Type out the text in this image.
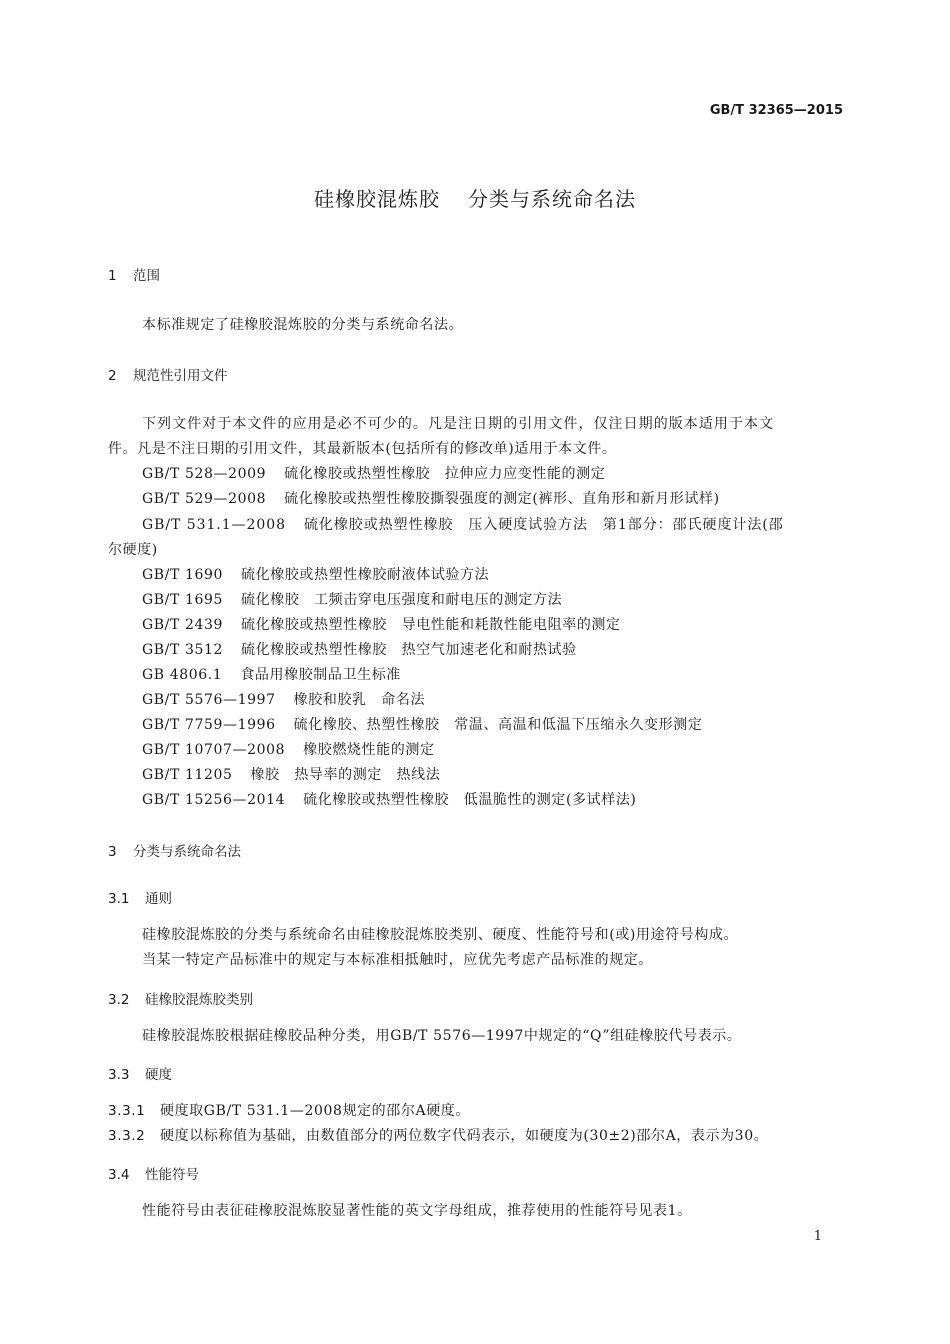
GB/T 32365—2015
硅橡胶混炼胶 分类与系统命名法
1 范围
本标准规定了硅橡胶混炼胶的分类与系统命名法。
2 规范性引用文件
下列文件对于本文件的应用是必不可少的。凡是注日期的引用文件，仅注日期的版本适用于本文
件。凡是不注日期的引用文件，其最新版本(包括所有的修改单)适用于本文件。
GB/T 528—2009 硫化橡胶或热塑性橡胶　拉伸应力应变性能的测定
GB/T 529—2008 硫化橡胶或热塑性橡胶撕裂强度的测定(裤形、直角形和新月形试样)
GB/T 531.1—2008 硫化橡胶或热塑性橡胶　压入硬度试验方法　第1部分：邵氏硬度计法(邵
尔硬度)
GB/T 1690 硫化橡胶或热塑性橡胶耐液体试验方法
GB/T 1695 硫化橡胶　工频击穿电压强度和耐电压的测定方法
GB/T 2439 硫化橡胶或热塑性橡胶　导电性能和耗散性能电阻率的测定
GB/T 3512 硫化橡胶或热塑性橡胶　热空气加速老化和耐热试验
GB 4806.1 食品用橡胶制品卫生标准
GB/T 5576—1997 橡胶和胶乳　命名法
GB/T 7759—1996 硫化橡胶、热塑性橡胶　常温、高温和低温下压缩永久变形测定
GB/T 10707—2008 橡胶燃烧性能的测定
GB/T 11205 橡胶　热导率的测定　热线法
GB/T 15256—2014 硫化橡胶或热塑性橡胶　低温脆性的测定(多试样法)
3 分类与系统命名法
3.1 通则
硅橡胶混炼胶的分类与系统命名由硅橡胶混炼胶类别、硬度、性能符号和(或)用途符号构成。
当某一特定产品标准中的规定与本标准相抵触时，应优先考虑产品标准的规定。
3.2 硅橡胶混炼胶类别
硅橡胶混炼胶根据硅橡胶品种分类，用GB/T 5576—1997中规定的“Q”组硅橡胶代号表示。
3.3 硬度
3.3.1 硬度取GB/T 531.1—2008规定的邵尔A硬度。
3.3.2 硬度以标称值为基础，由数值部分的两位数字代码表示，如硬度为(30±2)邵尔A，表示为30。
3.4 性能符号
性能符号由表征硅橡胶混炼胶显著性能的英文字母组成，推荐使用的性能符号见表1。
1
